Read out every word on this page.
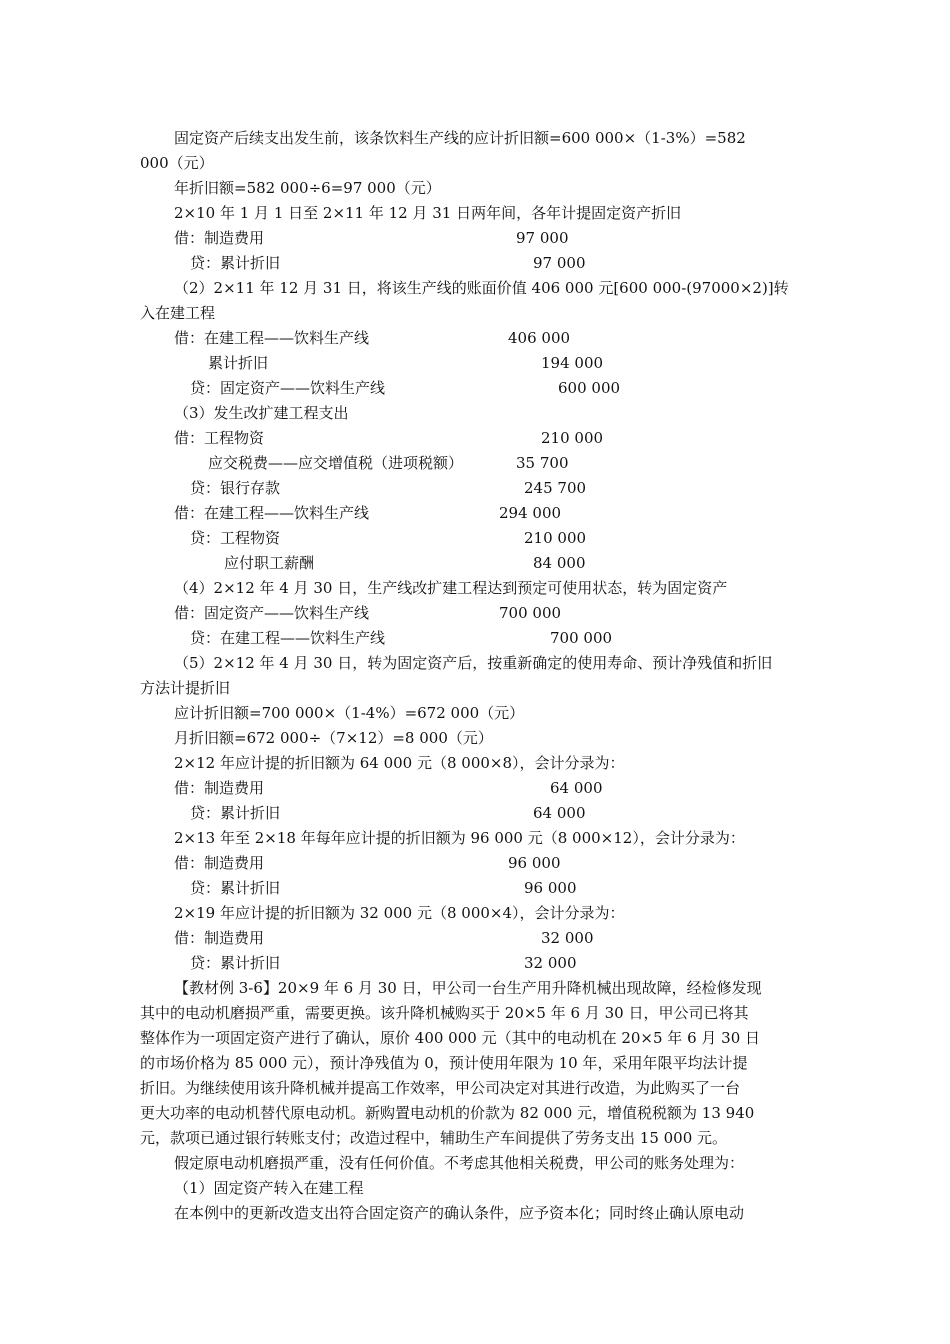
固定资产后续支出发生前，该条饮料生产线的应计折旧额=600 000×（1-3%）=582
000（元）
年折旧额=582 000÷6=97 000（元）
2×10 年 1 月 1 日至 2×11 年 12 月 31 日两年间，各年计提固定资产折旧
借：制造费用
贷：累计折旧
（2）2×11 年 12 月 31 日，将该生产线的账面价值 406 000 元[600 000-(97000×2)]转
入在建工程
借：在建工程——饮料生产线
累计折旧
贷：固定资产——饮料生产线
（3）发生改扩建工程支出
借：工程物资
应交税费——应交增值税（进项税额）
贷：银行存款
借：在建工程——饮料生产线
贷：工程物资
应付职工薪酬
（4）2×12 年 4 月 30 日，生产线改扩建工程达到预定可使用状态，转为固定资产
借：固定资产——饮料生产线
贷：在建工程——饮料生产线
（5）2×12 年 4 月 30 日，转为固定资产后，按重新确定的使用寿命、预计净残值和折旧
方法计提折旧
应计折旧额=700 000×（1-4%）=672 000（元）
月折旧额=672 000÷（7×12）=8 000（元）
2×12 年应计提的折旧额为 64 000 元（8 000×8），会计分录为：
借：制造费用
贷：累计折旧
2×13 年至 2×18 年每年应计提的折旧额为 96 000 元（8 000×12），会计分录为：
借：制造费用
贷：累计折旧
2×19 年应计提的折旧额为 32 000 元（8 000×4），会计分录为：
借：制造费用
贷：累计折旧
【教材例 3-6】20×9 年 6 月 30 日，甲公司一台生产用升降机械出现故障，经检修发现
其中的电动机磨损严重，需要更换。该升降机械购买于 20×5 年 6 月 30 日，甲公司已将其
整体作为一项固定资产进行了确认，原价 400 000 元（其中的电动机在 20×5 年 6 月 30 日
的市场价格为 85 000 元），预计净残值为 0，预计使用年限为 10 年，采用年限平均法计提
折旧。为继续使用该升降机械并提高工作效率，甲公司决定对其进行改造，为此购买了一台
更大功率的电动机替代原电动机。新购置电动机的价款为 82 000 元，增值税税额为 13 940
元，款项已通过银行转账支付；改造过程中，辅助生产车间提供了劳务支出 15 000 元。
假定原电动机磨损严重，没有任何价值。不考虑其他相关税费，甲公司的账务处理为：
（1）固定资产转入在建工程
在本例中的更新改造支出符合固定资产的确认条件，应予资本化；同时终止确认原电动
97 000
97 000
406 000
194 000
600 000
210 000
35 700
245 700
294 000
210 000
84 000
700 000
700 000
64 000
64 000
96 000
96 000
32 000
32 000
